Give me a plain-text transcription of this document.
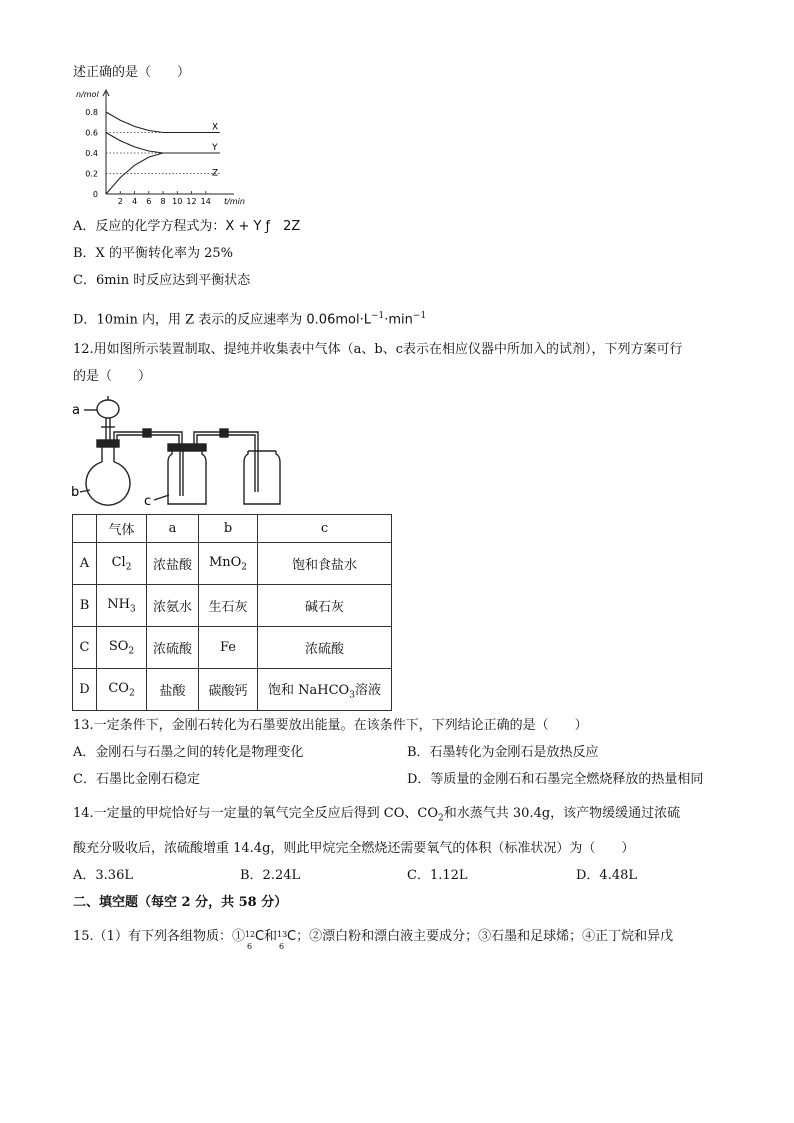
述正确的是（　　）
0.8
0.6
0.4
0.2
0
2 4 6 8 10 12 14
n/mol
t/min
X
Y
Z
A．反应的化学方程式为：X + Y ƒ　2Z
B．X 的平衡转化率为 25%
C．6min 时反应达到平衡状态
D．10min 内，用 Z 表示的反应速率为 $0.06mol\cdot L^{-1}\cdot\min^{-1}$
12.用如图所示装置制取、提纯并收集表中气体（a、b、c表示在相应仪器中所加入的试剂），下列方案可行
的是（　　）
a
b
c
	气体	a	b	c
A	$Cl_2$	浓盐酸	MnO$_2$	饱和食盐水
B	$NH_3$	浓氨水	生石灰	碱石灰
C	$SO_2$	浓硫酸	Fe	浓硫酸
D	$CO_2$	盐酸	碳酸钙	饱和 NaHCO$_3$溶液
13.一定条件下，金刚石转化为石墨要放出能量。在该条件下，下列结论正确的是（　　）
A．金刚石与石墨之间的转化是物理变化	B．石墨转化为金刚石是放热反应
C．石墨比金刚石稳定	D．等质量的金刚石和石墨完全燃烧释放的热量相同
14.一定量的甲烷恰好与一定量的氧气完全反应后得到 CO、$CO_2$和水蒸气共 30.4g，该产物缓缓通过浓硫
酸充分吸收后，浓硫酸增重 14.4g，则此甲烷完全燃烧还需要氧气的体积（标准状况）为（　　）
A．3.36L	B．2.24L	C．1.12L	D．4.48L
二、填空题（每空 2 分，共 58 分）
15.（1）有下列各组物质：① 12
6
C和 13
6
C；②漂白粉和漂白液主要成分；③石墨和足球烯；④正丁烷和异戊
